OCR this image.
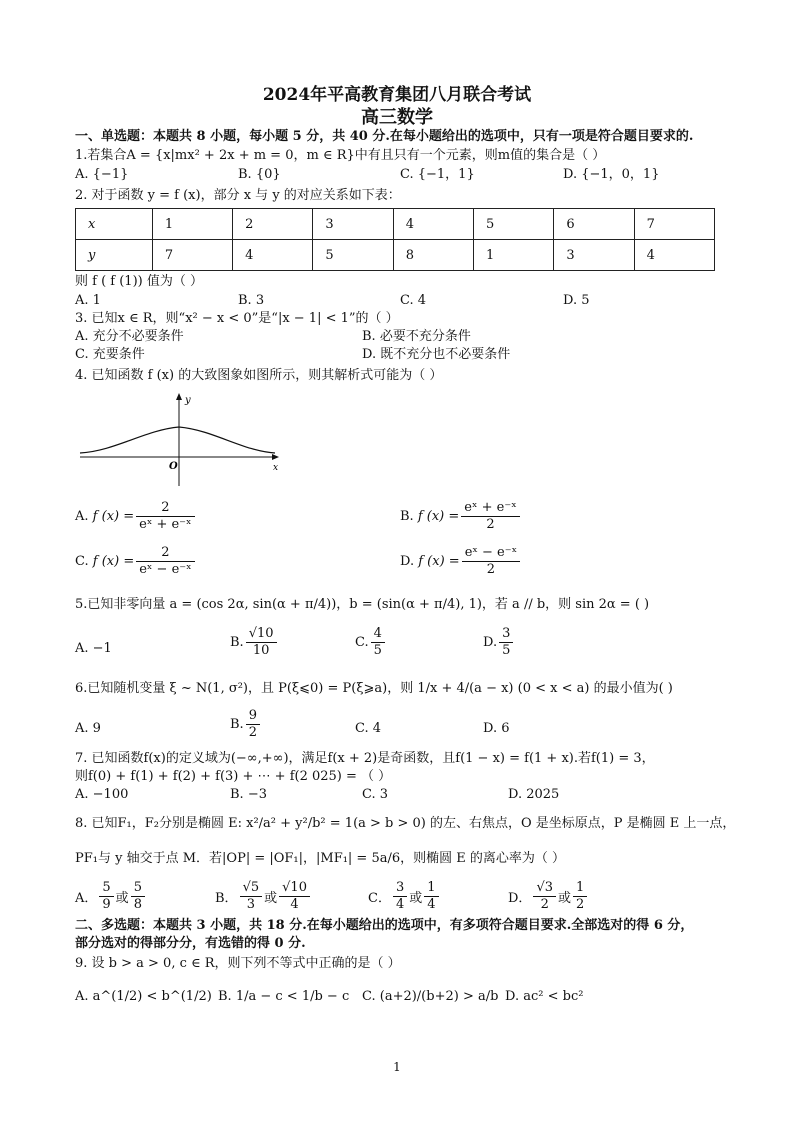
2024年平高教育集团八月联合考试
高三数学
一、单选题：本题共 8 小题，每小题 5 分，共 40 分.在每小题给出的选项中，只有一项是符合题目要求的.
1.若集合A = {x|mx² + 2x + m = 0，m ∈ R}中有且只有一个元素，则m值的集合是（ ）
A. {−1}	B. {0}	C. {−1，1}	D. {−1，0，1}
2. 对于函数 y = f (x)，部分 x 与 y 的对应关系如下表：
x	1	2	3	4	5	6	7
y	7	4	5	8	1	3	4
则 f ( f (1)) 值为（ ）
A. 1	B. 3	C. 4	D. 5
3. 已知x ∈ R，则“x² − x < 0”是“|x − 1| < 1”的（ ）
A. 充分不必要条件	B. 必要不充分条件
C. 充要条件	D. 既不充分也不必要条件
4. 已知函数 f (x) 的大致图象如图所示，则其解析式可能为（ ）
y
x
O
A.
f $(x) = \frac{2}{\text{eˣ + e⁻ˣ}}$	B.
f $(x) = \frac{\text{eˣ + e⁻ˣ}}{2}$
C.
f $(x) = \frac{2}{\text{eˣ − e⁻ˣ}}$	D.
f $(x) = \frac{\text{eˣ − e⁻ˣ}}{2}$
5.已知非零向量 a = (cos 2α, sin(α + π/4))，b = (sin(α + π/4), 1)，若 a // b，则 sin 2α = ( )
A. −1	B. $\frac{√10}{10}$	C. $\frac{4}{5}$	D. $\frac{3}{5}$
6.已知随机变量 ξ ~ N(1, σ²)，且 P(ξ⩽0) = P(ξ⩾a)，则 1/x + 4/(a − x) (0 < x < a) 的最小值为( )
A. 9	B. $\frac{9}{2}$	C. 4	D. 6
7. 已知函数f(x)的定义域为(−∞,+∞)，满足f(x + 2)是奇函数，且f(1 − x) = f(1 + x).若f(1) = 3，
则f(0) + f(1) + f(2) + f(3) + ⋯ + f(2 025) = （ ）
A. −100	B. −3	C. 3	D. 2025
8. 已知F₁，F₂分别是椭圆 E: x²/a² + y²/b² = 1(a > b > 0) 的左、右焦点，O 是坐标原点，P 是椭圆 E 上一点，
PF₁与 y 轴交于点 M．若|OP| = |OF₁|，|MF₁| = 5a/6，则椭圆 E 的离心率为（ ）
A． $\frac{5}{9}$ 或 $\frac{5}{8}$	B． $\frac{√5}{3}$ 或 $\frac{√10}{4}$	C． $\frac{3}{4}$ 或 $\frac{1}{4}$	D． $\frac{√3}{2}$ 或 $\frac{1}{2}$
二、多选题：本题共 3 小题，共 18 分.在每小题给出的选项中，有多项符合题目要求.全部选对的得 6 分，
部分选对的得部分分，有选错的得 0 分.
9. 设 b > a > 0, c ∈ R，则下列不等式中正确的是（ ）
A. a^(1/2) < b^(1/2) B. 1/a − c < 1/b − c C. (a+2)/(b+2) > a/b D. ac² < bc²
1
